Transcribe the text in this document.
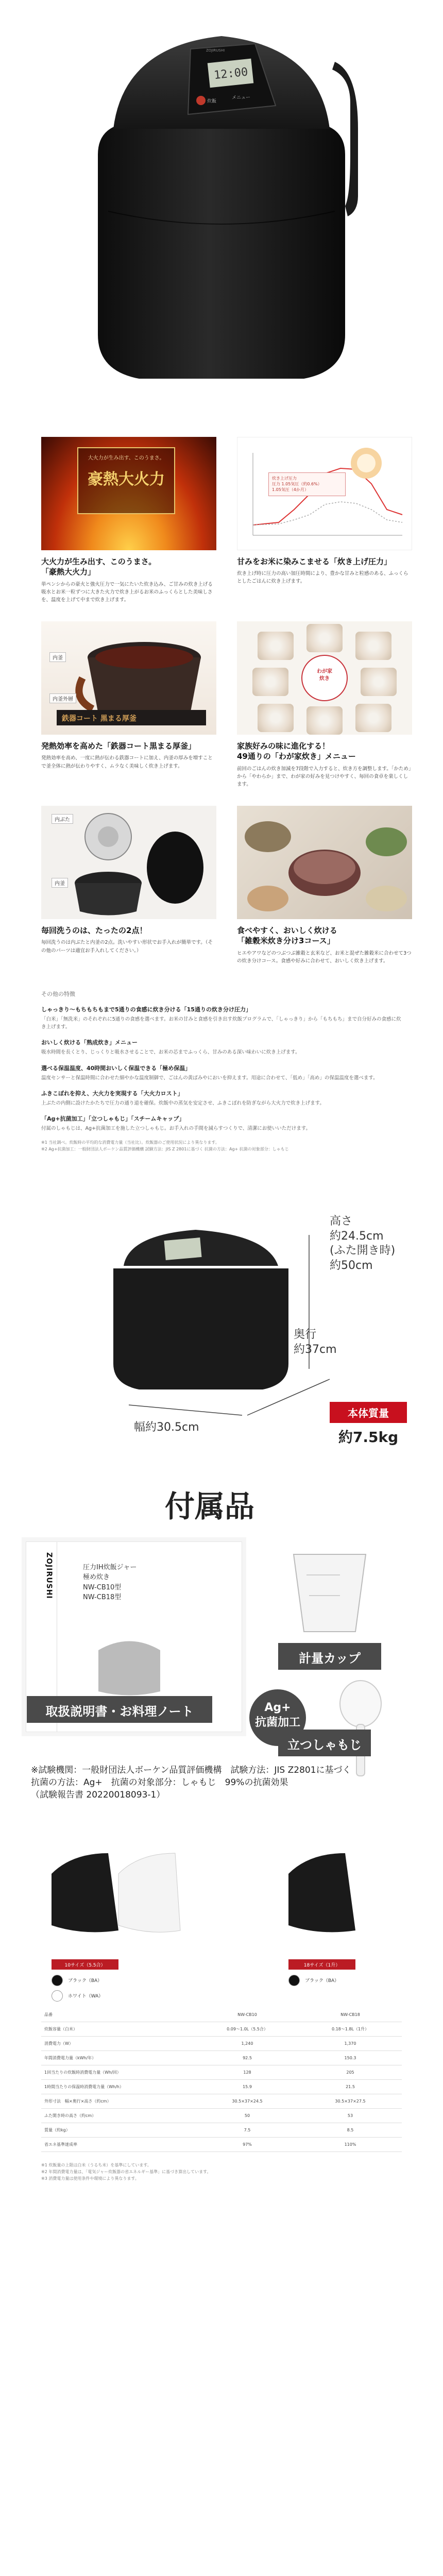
12:00
炊飯
メニュー
ZOJIRUSHI
大火力が生み出す、このうまさ。
豪熱大火力
大火力が生み出す、このうまさ。
「豪熱大火力」
単ペンシからの豪火と強火圧力で一気にたいた炊き込み、ご甘みの炊き上げる吸水とお米一粒ずつに大きた火力で炊き上がるお米のふっくらとした美味しさを、温度を上げて中まで炊き上げます。
炊き上げ圧力
圧力 1.05気圧（約0.6%）
1.05気圧（4か月）
甘みをお米に染みこませる「炊き上げ圧力」
炊き上げ時に圧力の高い加圧時間により、豊かな甘みと粒感のある、ふっくらとしたごはんに炊き上げます。
内釜
内釜外層
鉄器コート 黒まる厚釜
発熱効率を高めた「鉄器コート黒まる厚釜」
発熱効率を高め、一度に熱が伝わる鉄器コートに加え、内釜の厚みを増すことで釜全体に熱が伝わりやすく、ムラなく美味しく炊き上げます。
わが家
炊き
家族好みの味に進化する！
49通りの「わが家炊き」メニュー
前回のごはんの炊き加減を7段階で入力すると、炊き方を調整します。「かため」から「やわらか」まで、わが家の好みを見つけやすく、毎回の食卓を楽しくします。
内ぶた
内釜
毎回洗うのは、たったの2点！
毎回洗うのは内ぶたと内釜の2点。洗いやすい形状でお手入れが簡単です。（その他のパーツは適宜お手入れしてください。）
食べやすく、おいしく炊ける
「雑穀米炊き分け3コース」
ヒエやアワなどのつぶつぶ雑穀と玄米など、お米と混ぜた雑穀米に合わせて3つの炊き分けコース。食感や好みに合わせて、おいしく炊き上げます。
その他の特徴
しゃっきり〜もちもちもまで5通りの食感に炊き分ける「15通りの炊き分け圧力」

「白米」「無洗米」のそれぞれに5通りの食感を選べます。お米の甘みと食感を引き出す炊飯プログラムで、「しゃっきり」から「もちもち」まで自分好みの食感に炊き上げます。

おいしく炊ける「熟成炊き」メニュー

吸水時間を長くとり、じっくりと吸水させることで、お米の芯までふっくら、甘みのある深い味わいに炊き上げます。

選べる保温温度、40時間おいしく保温できる「極め保温」

温度センサーと保温時間に合わせた細やかな温度制御で、ごはんの黄ばみやにおいを抑えます。用途に合わせて、「低め」「高め」の保温温度を選べます。

ふきこぼれを抑え、大火力を実現する「大火力ロスト」

上ぶたの内側に設けたかたちで圧力の通り道を確保。炊飯中の蒸気を安定させ、ふきこぼれを防ぎながら大火力で炊き上げます。

「Ag+抗菌加工」「立つしゃもじ」「スチームキャップ」

付属のしゃもじは、Ag+抗菌加工を施した立つしゃもじ。お手入れの手間を減らすつくりで、清潔にお使いいただけます。

※1 当社調べ。炊飯時の平均的な消費電力量（当社比）。炊飯器のご使用状況により異なります。
※2 Ag+抗菌加工：一般財団法人ボーケン品質評価機構 試験方法：JIS Z 2801に基づく 抗菌の方法：Ag+ 抗菌の対象部分：しゃもじ
高さ
約24.5cm
(ふた開き時)
約50cm
奥行
約37cm
幅約30.5cm
本体質量
約7.5kg
付属品
ZOJIRUSHI	圧力IH炊飯ジャー
極め炊き
NW-CB10型
NW-CB18型
取扱説明書・お料理ノート
計量カップ
Ag+
抗菌加工
立つしゃもじ
※試験機関：一般財団法人ボーケン品質評価機構　試験方法：JIS Z2801に基づく
抗菌の方法：Ag+　抗菌の対象部分：しゃもじ　99%の抗菌効果
（試験報告書 20220018093-1）
10サイズ（5.5合）	18サイズ（1升）
ブラック（BA）
ホワイト（WA）
ブラック（BA）
品番	NW-CB10	NW-CB18
炊飯容量（白米）	0.09〜1.0L（5.5合）	0.18〜1.8L（1升）
消費電力（W）	1,240	1,370
年間消費電力量（kWh/年）	92.5	150.3
1回当たりの炊飯時消費電力量（Wh/回）	128	205
1時間当たりの保温時消費電力量（Wh/h）	15.9	21.5
外形寸法　幅×奥行×高さ（約cm）	30.5×37×24.5	30.5×37×27.5
ふた開き時の高さ（約cm）	50	53
質量（約kg）	7.5	8.5
省エネ基準達成率	97%	110%
※1 炊飯量の上限は白米（うるち米）を基準にしています。
※2 年間消費電力量は、「電気ジャー炊飯器の省エネルギー基準」に基づき算出しています。
※3 消費電力量は使用条件や環境により異なります。
